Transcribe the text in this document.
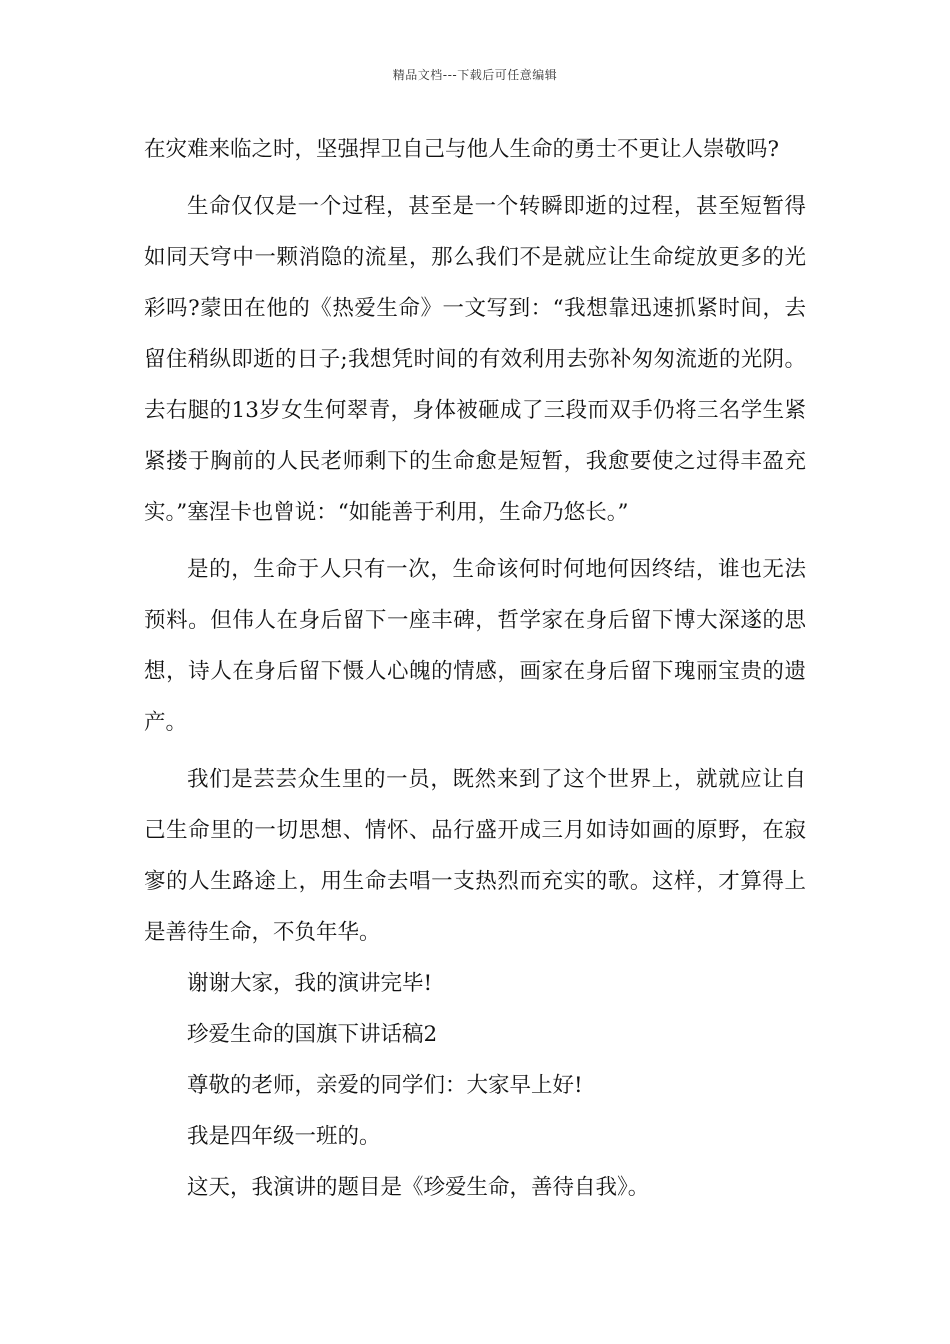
精品文档---下载后可任意编辑

在灾难来临之时，坚强捍卫自己与他人生命的勇士不更让人崇敬吗?

生命仅仅是一个过程，甚至是一个转瞬即逝的过程，甚至短暂得如同天穹中一颗消隐的流星，那么我们不是就应让生命绽放更多的光彩吗?蒙田在他的《热爱生命》一文写到：“我想靠迅速抓紧时间，去留住稍纵即逝的日子;我想凭时间的有效利用去弥补匆匆流逝的光阴。去右腿的13岁女生何翠青，身体被砸成了三段而双手仍将三名学生紧紧搂于胸前的人民老师剩下的生命愈是短暂，我愈要使之过得丰盈充实。”塞涅卡也曾说：“如能善于利用，生命乃悠长。”

是的，生命于人只有一次，生命该何时何地何因终结，谁也无法预料。但伟人在身后留下一座丰碑，哲学家在身后留下博大深遂的思想，诗人在身后留下慑人心魄的情感，画家在身后留下瑰丽宝贵的遗产。

我们是芸芸众生里的一员，既然来到了这个世界上，就就应让自己生命里的一切思想、情怀、品行盛开成三月如诗如画的原野，在寂寥的人生路途上，用生命去唱一支热烈而充实的歌。这样，才算得上是善待生命，不负年华。

谢谢大家，我的演讲完毕!

珍爱生命的国旗下讲话稿2

尊敬的老师，亲爱的同学们：大家早上好!

我是四年级一班的。

这天，我演讲的题目是《珍爱生命，善待自我》。
